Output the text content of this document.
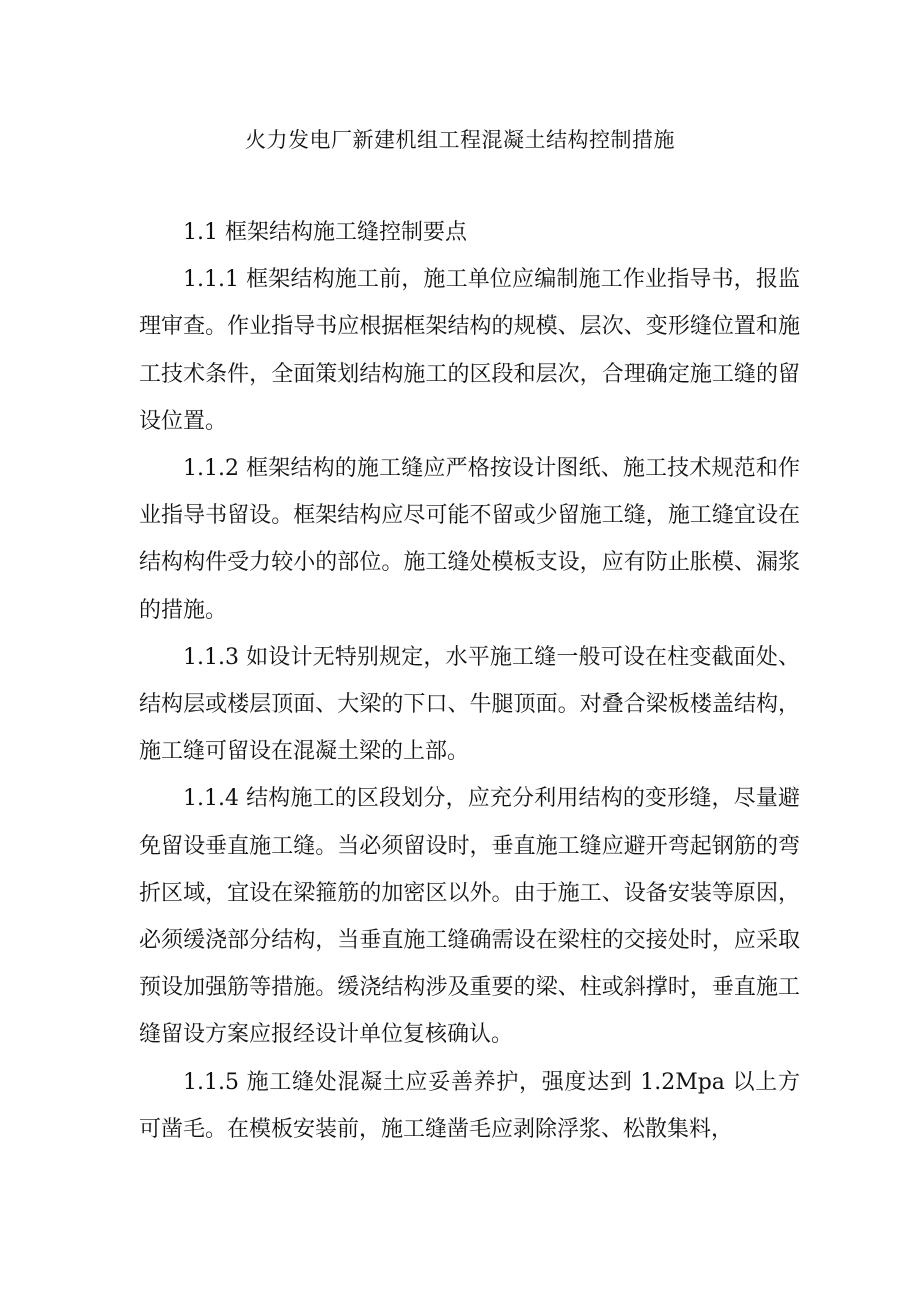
火力发电厂新建机组工程混凝土结构控制措施

1.1 框架结构施工缝控制要点

1.1.1 框架结构施工前，施工单位应编制施工作业指导书，报监理审查。作业指导书应根据框架结构的规模、层次、变形缝位置和施工技术条件，全面策划结构施工的区段和层次，合理确定施工缝的留设位置。

1.1.2 框架结构的施工缝应严格按设计图纸、施工技术规范和作业指导书留设。框架结构应尽可能不留或少留施工缝，施工缝宜设在结构构件受力较小的部位。施工缝处模板支设，应有防止胀模、漏浆的措施。

1.1.3 如设计无特别规定，水平施工缝一般可设在柱变截面处、结构层或楼层顶面、大梁的下口、牛腿顶面。对叠合梁板楼盖结构，施工缝可留设在混凝土梁的上部。

1.1.4 结构施工的区段划分，应充分利用结构的变形缝，尽量避免留设垂直施工缝。当必须留设时，垂直施工缝应避开弯起钢筋的弯折区域，宜设在梁箍筋的加密区以外。由于施工、设备安装等原因，必须缓浇部分结构，当垂直施工缝确需设在梁柱的交接处时，应采取预设加强筋等措施。缓浇结构涉及重要的梁、柱或斜撑时，垂直施工缝留设方案应报经设计单位复核确认。

1.1.5 施工缝处混凝土应妥善养护，强度达到 1.2Mpa 以上方可凿毛。在模板安装前，施工缝凿毛应剥除浮浆、松散集料，
